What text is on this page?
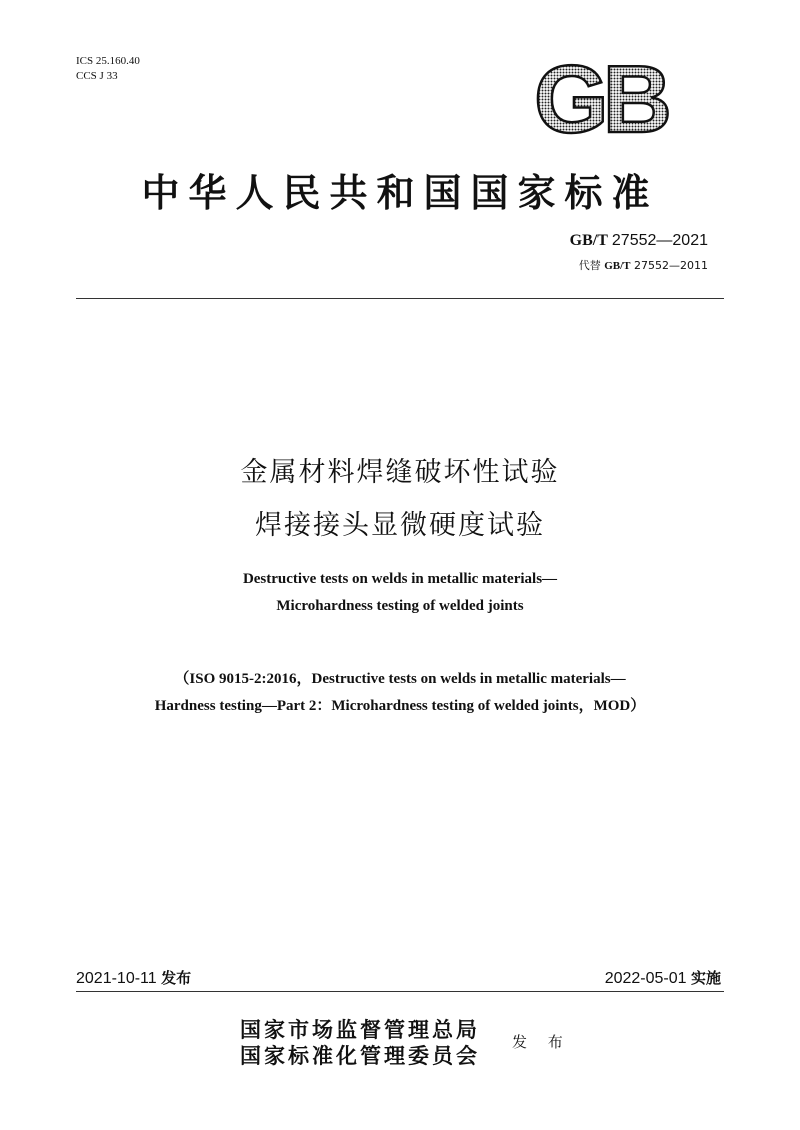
ICS 25.160.40
CCS J 33	GB
中华人民共和国国家标准
GB/T 27552—2021
代替 GB/T 27552—2011
金属材料焊缝破坏性试验
焊接接头显微硬度试验
Destructive tests on welds in metallic materials—
Microhardness testing of welded joints
（ISO 9015-2:2016，Destructive tests on welds in metallic materials—
Hardness testing—Part 2：Microhardness testing of welded joints，MOD）
2021-10-11 发布	2022-05-01 实施
国家市场监督管理总局
国家标准化管理委员会
发 布
